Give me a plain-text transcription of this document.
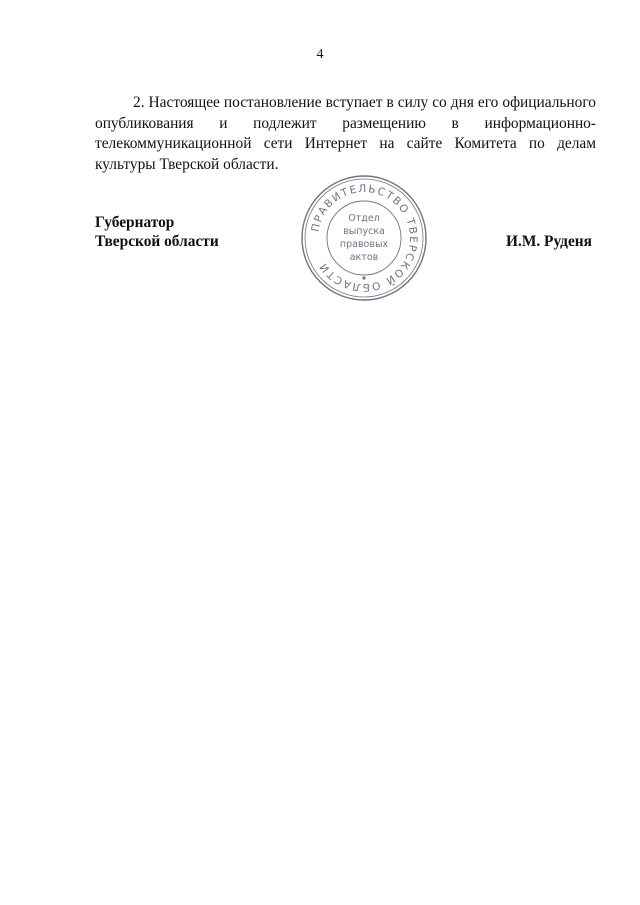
4

2. Настоящее постановление вступает в силу со дня его официального опубликования и подлежит размещению в информационно-телекоммуникационной сети Интернет на сайте Комитета по делам культуры Тверской области.

Губернатор
Тверской области
ПРАВИТЕЛЬСТВО ТВЕРСКОЙ ОБЛАСТИ
Отдел
выпуска
правовых
актов
И.М. Руденя
